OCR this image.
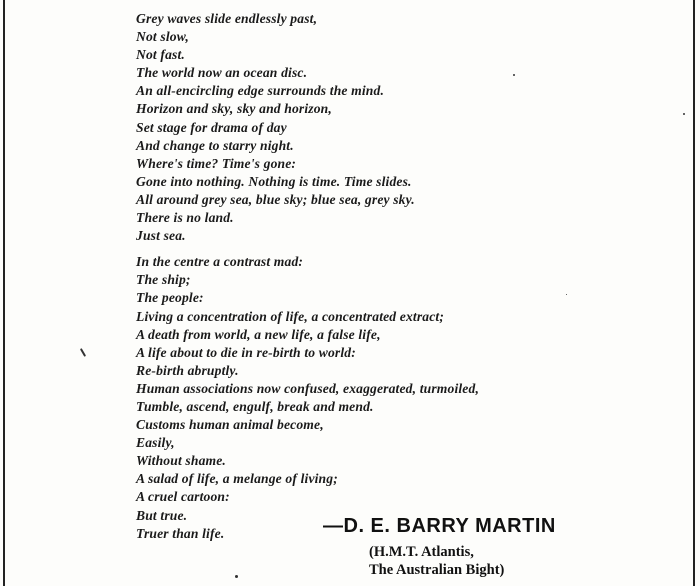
Grey waves slide endlessly past,
Not slow,
Not fast.
The world now an ocean disc.
An all-encircling edge surrounds the mind.
Horizon and sky, sky and horizon,
Set stage for drama of day
And change to starry night.
Where's time? Time's gone:
Gone into nothing. Nothing is time. Time slides.
All around grey sea, blue sky; blue sea, grey sky.
There is no land.
Just sea.
In the centre a contrast mad:
The ship;
The people:
Living a concentration of life, a concentrated extract;
A death from world, a new life, a false life,
A life about to die in re-birth to world:
Re-birth abruptly.
Human associations now confused, exaggerated, turmoiled,
Tumble, ascend, engulf, break and mend.
Customs human animal become,
Easily,
Without shame.
A salad of life, a melange of living;
A cruel cartoon:
But true.
Truer than life.	—D. E. BARRY MARTIN
(H.M.T. Atlantis,
The Australian Bight)
